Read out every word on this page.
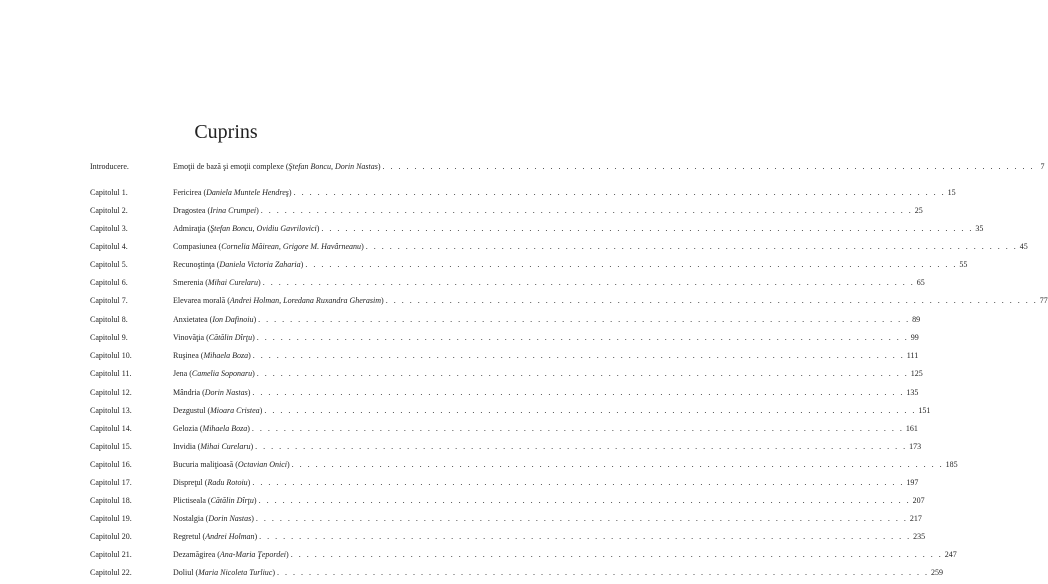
Cuprins
Introducere.	Emoţii de bază şi emoţii complexe ( Ştefan Boncu, Dorin Nastas ) . . . . . . . . . . . . . . . . . . . . . . . . . . . . . . . . . . . . . . . . . . . . . . . . . . . . . . . . . . . . . . . . . . . . . . . . . . . . . . . . . . 7
Capitolul 1.	Fericirea ( Daniela Muntele Hendreş ) . . . . . . . . . . . . . . . . . . . . . . . . . . . . . . . . . . . . . . . . . . . . . . . . . . . . . . . . . . . . . . . . . . . . . . . . . . . . . . . . . . 15
Capitolul 2.	Dragostea ( Irina Crumpei ) . . . . . . . . . . . . . . . . . . . . . . . . . . . . . . . . . . . . . . . . . . . . . . . . . . . . . . . . . . . . . . . . . . . . . . . . . . . . . . . . . . 25
Capitolul 3.	Admiraţia ( Ştefan Boncu, Ovidiu Gavrilovici ) . . . . . . . . . . . . . . . . . . . . . . . . . . . . . . . . . . . . . . . . . . . . . . . . . . . . . . . . . . . . . . . . . . . . . . . . . . . . . . . . . . 35
Capitolul 4.	Compasiunea ( Cornelia Măirean, Grigore M. Havârneanu ) . . . . . . . . . . . . . . . . . . . . . . . . . . . . . . . . . . . . . . . . . . . . . . . . . . . . . . . . . . . . . . . . . . . . . . . . . . . . . . . . . . 45
Capitolul 5.	Recunoştinţa ( Daniela Victoria Zaharia ) . . . . . . . . . . . . . . . . . . . . . . . . . . . . . . . . . . . . . . . . . . . . . . . . . . . . . . . . . . . . . . . . . . . . . . . . . . . . . . . . . . 55
Capitolul 6.	Smerenia ( Mihai Curelaru ) . . . . . . . . . . . . . . . . . . . . . . . . . . . . . . . . . . . . . . . . . . . . . . . . . . . . . . . . . . . . . . . . . . . . . . . . . . . . . . . . . . 65
Capitolul 7.	Elevarea morală ( Andrei Holman, Loredana Ruxandra Gherasim ) . . . . . . . . . . . . . . . . . . . . . . . . . . . . . . . . . . . . . . . . . . . . . . . . . . . . . . . . . . . . . . . . . . . . . . . . . . . . . . . . . . 77
Capitolul 8.	Anxietatea ( Ion Dafinoiu ) . . . . . . . . . . . . . . . . . . . . . . . . . . . . . . . . . . . . . . . . . . . . . . . . . . . . . . . . . . . . . . . . . . . . . . . . . . . . . . . . . . 89
Capitolul 9.	Vinovăţia ( Cătălin Dîrţu ) . . . . . . . . . . . . . . . . . . . . . . . . . . . . . . . . . . . . . . . . . . . . . . . . . . . . . . . . . . . . . . . . . . . . . . . . . . . . . . . . . . 99
Capitolul 10.	Ruşinea ( Mihaela Boza ) . . . . . . . . . . . . . . . . . . . . . . . . . . . . . . . . . . . . . . . . . . . . . . . . . . . . . . . . . . . . . . . . . . . . . . . . . . . . . . . . . . 111
Capitolul 11.	Jena ( Camelia Soponaru ) . . . . . . . . . . . . . . . . . . . . . . . . . . . . . . . . . . . . . . . . . . . . . . . . . . . . . . . . . . . . . . . . . . . . . . . . . . . . . . . . . . 125
Capitolul 12.	Mândria ( Dorin Nastas ) . . . . . . . . . . . . . . . . . . . . . . . . . . . . . . . . . . . . . . . . . . . . . . . . . . . . . . . . . . . . . . . . . . . . . . . . . . . . . . . . . . 135
Capitolul 13.	Dezgustul ( Mioara Cristea ) . . . . . . . . . . . . . . . . . . . . . . . . . . . . . . . . . . . . . . . . . . . . . . . . . . . . . . . . . . . . . . . . . . . . . . . . . . . . . . . . . . 151
Capitolul 14.	Gelozia ( Mihaela Boza ) . . . . . . . . . . . . . . . . . . . . . . . . . . . . . . . . . . . . . . . . . . . . . . . . . . . . . . . . . . . . . . . . . . . . . . . . . . . . . . . . . . 161
Capitolul 15.	Invidia ( Mihai Curelaru ) . . . . . . . . . . . . . . . . . . . . . . . . . . . . . . . . . . . . . . . . . . . . . . . . . . . . . . . . . . . . . . . . . . . . . . . . . . . . . . . . . . 173
Capitolul 16.	Bucuria maliţioasă ( Octavian Onici ) . . . . . . . . . . . . . . . . . . . . . . . . . . . . . . . . . . . . . . . . . . . . . . . . . . . . . . . . . . . . . . . . . . . . . . . . . . . . . . . . . . 185
Capitolul 17.	Dispreţul ( Radu Rotoiu ) . . . . . . . . . . . . . . . . . . . . . . . . . . . . . . . . . . . . . . . . . . . . . . . . . . . . . . . . . . . . . . . . . . . . . . . . . . . . . . . . . . 197
Capitolul 18.	Plictiseala ( Cătălin Dîrţu ) . . . . . . . . . . . . . . . . . . . . . . . . . . . . . . . . . . . . . . . . . . . . . . . . . . . . . . . . . . . . . . . . . . . . . . . . . . . . . . . . . . 207
Capitolul 19.	Nostalgia ( Dorin Nastas ) . . . . . . . . . . . . . . . . . . . . . . . . . . . . . . . . . . . . . . . . . . . . . . . . . . . . . . . . . . . . . . . . . . . . . . . . . . . . . . . . . . 217
Capitolul 20.	Regretul ( Andrei Holman ) . . . . . . . . . . . . . . . . . . . . . . . . . . . . . . . . . . . . . . . . . . . . . . . . . . . . . . . . . . . . . . . . . . . . . . . . . . . . . . . . . . 235
Capitolul 21.	Dezamăgirea ( Ana-Maria Ţepordei ) . . . . . . . . . . . . . . . . . . . . . . . . . . . . . . . . . . . . . . . . . . . . . . . . . . . . . . . . . . . . . . . . . . . . . . . . . . . . . . . . . . 247
Capitolul 22.	Doliul ( Maria Nicoleta Turliuc ) . . . . . . . . . . . . . . . . . . . . . . . . . . . . . . . . . . . . . . . . . . . . . . . . . . . . . . . . . . . . . . . . . . . . . . . . . . . . . . . . . . 259
